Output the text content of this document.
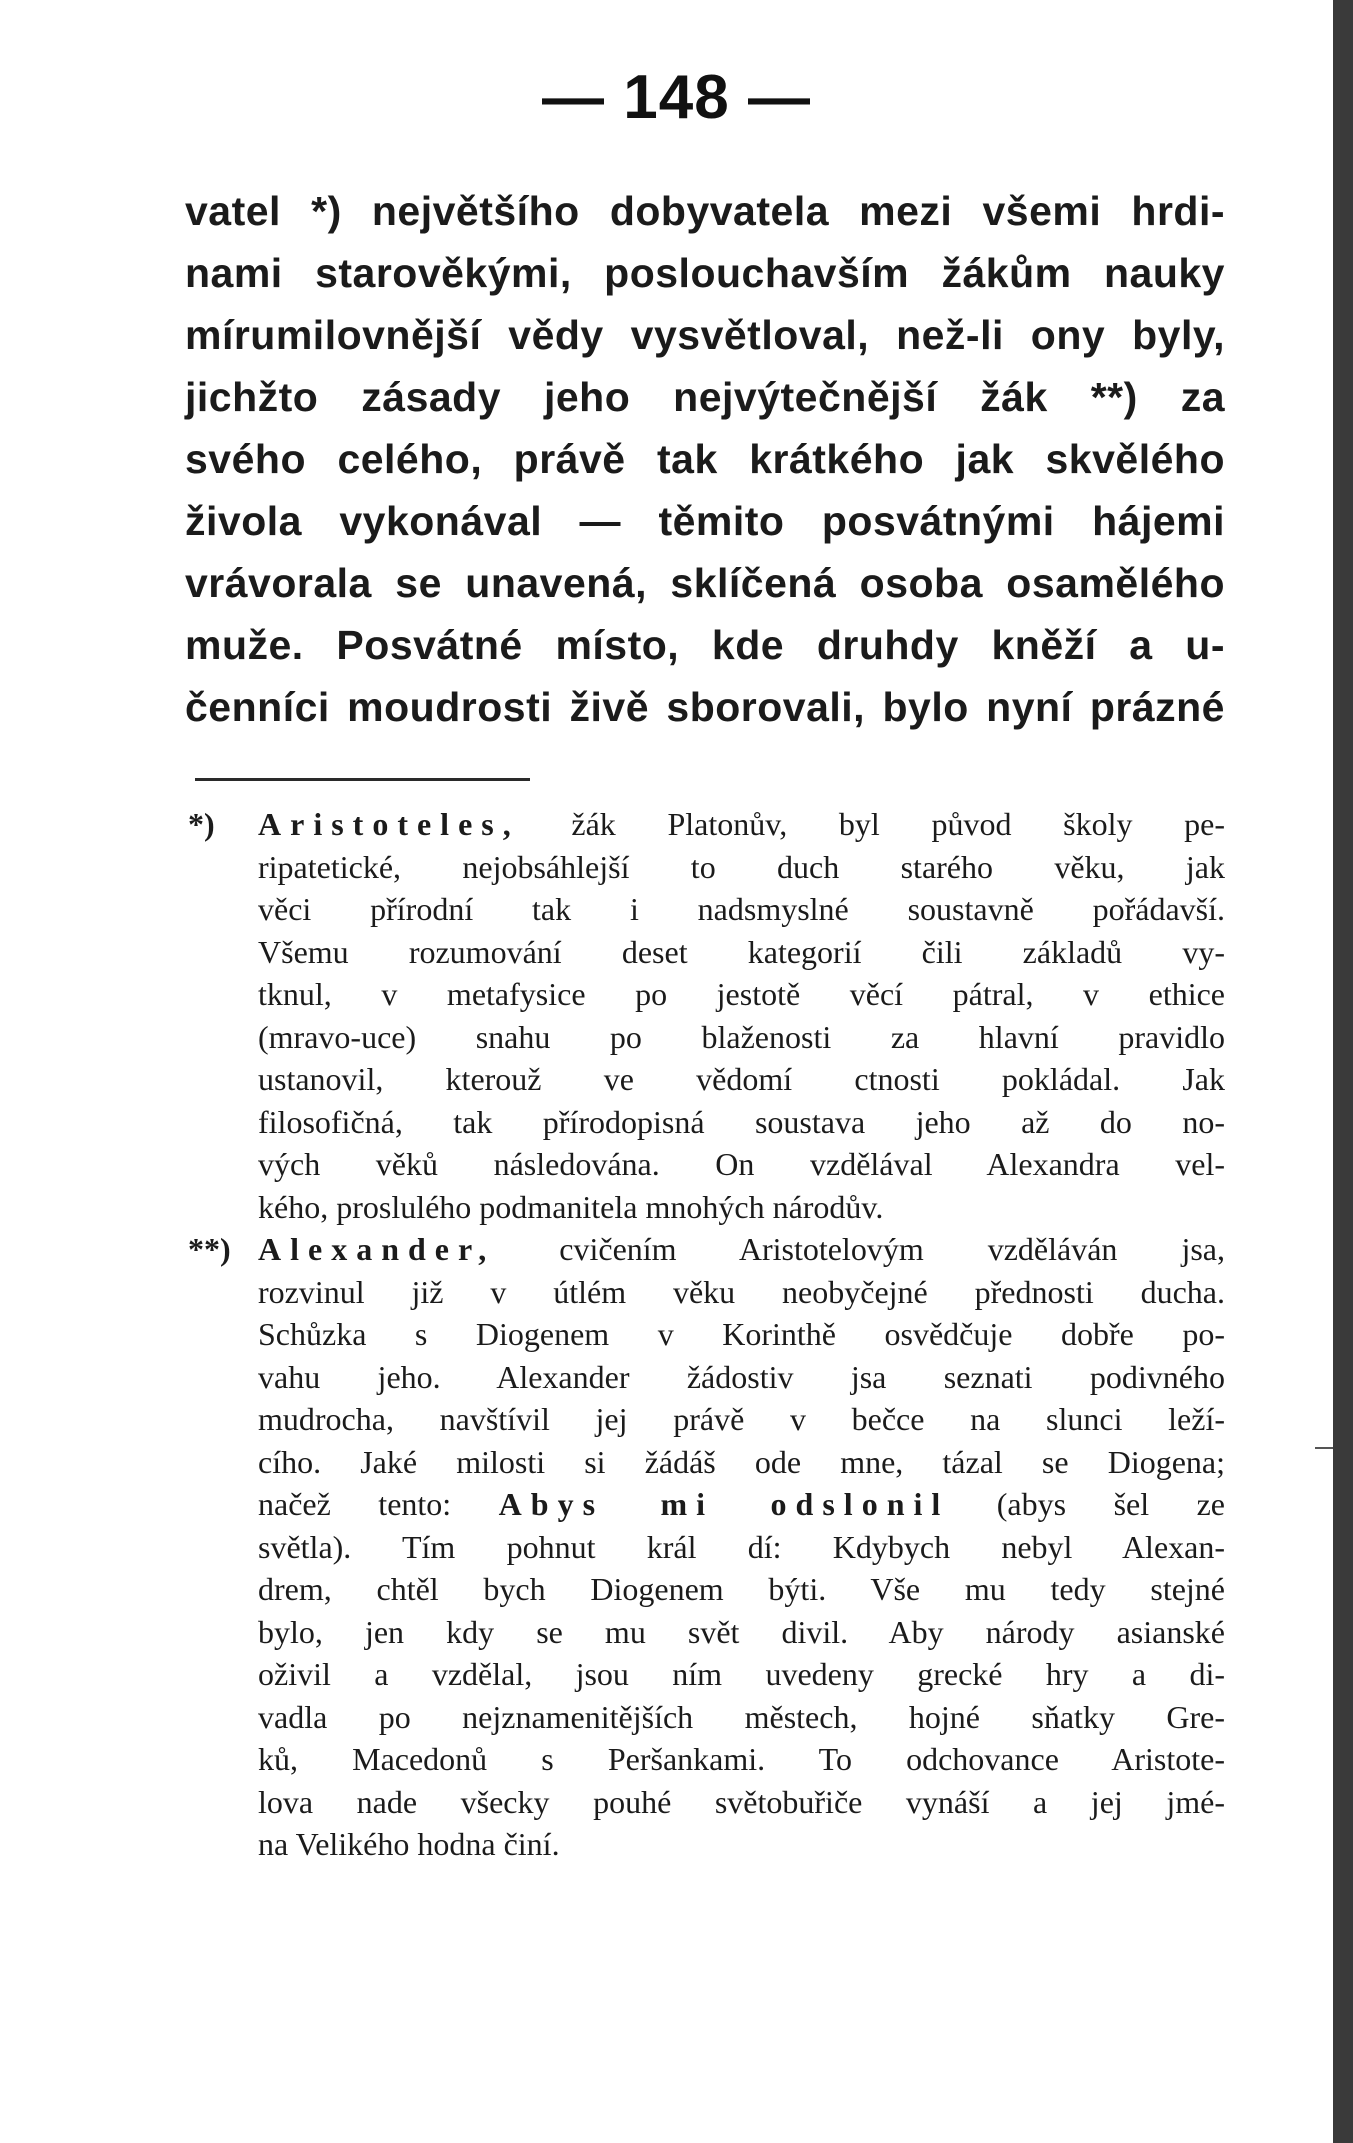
— 148 —
vatel *) největšího dobyvatela mezi všemi hrdi-
nami starověkými, poslouchavším žákům nauky
mírumilovnější vědy vysvětloval, než-li ony byly,
jichžto zásady jeho nejvýtečnější žák **) za
svého celého, právě tak krátkého jak skvělého
živola vykonával — těmito posvátnými hájemi
vrávorala se unavená, sklíčená osoba osamělého
muže. Posvátné místo, kde druhdy kněží a u-
čenníci moudrosti živě sborovali, bylo nyní prázné
*) Aristoteles, žák Platonův, byl původ školy pe-
ripatetické, nejobsáhlejší to duch starého věku, jak
věci přírodní tak i nadsmyslné soustavně pořádavší.
Všemu rozumování deset kategorií čili základů vy-
tknul, v metafysice po jestotě věcí pátral, v ethice
(mravo-uce) snahu po blaženosti za hlavní pravidlo
ustanovil, kterouž ve vědomí ctnosti pokládal. Jak
filosofičná, tak přírodopisná soustava jeho až do no-
vých věků následována. On vzdělával Alexandra vel-
kého, proslulého podmanitela mnohých národův.
**) Alexander, cvičením Aristotelovým vzděláván jsa,
rozvinul již v útlém věku neobyčejné přednosti ducha.
Schůzka s Diogenem v Korinthě osvědčuje dobře po-
vahu jeho. Alexander žádostiv jsa seznati podivného
mudrocha, navštívil jej právě v bečce na slunci leží-
cího. Jaké milosti si žádáš ode mne, tázal se Diogena;
načež tento: Abys mi odslonil (abys šel ze
světla). Tím pohnut král dí: Kdybych nebyl Alexan-
drem, chtěl bych Diogenem býti. Vše mu tedy stejné
bylo, jen kdy se mu svět divil. Aby národy asianské
oživil a vzdělal, jsou ním uvedeny grecké hry a di-
vadla po nejznamenitějších městech, hojné sňatky Gre-
ků, Macedonů s Peršankami. To odchovance Aristote-
lova nade všecky pouhé světobuřiče vynáší a jej jmé-
na Velikého hodna činí.
